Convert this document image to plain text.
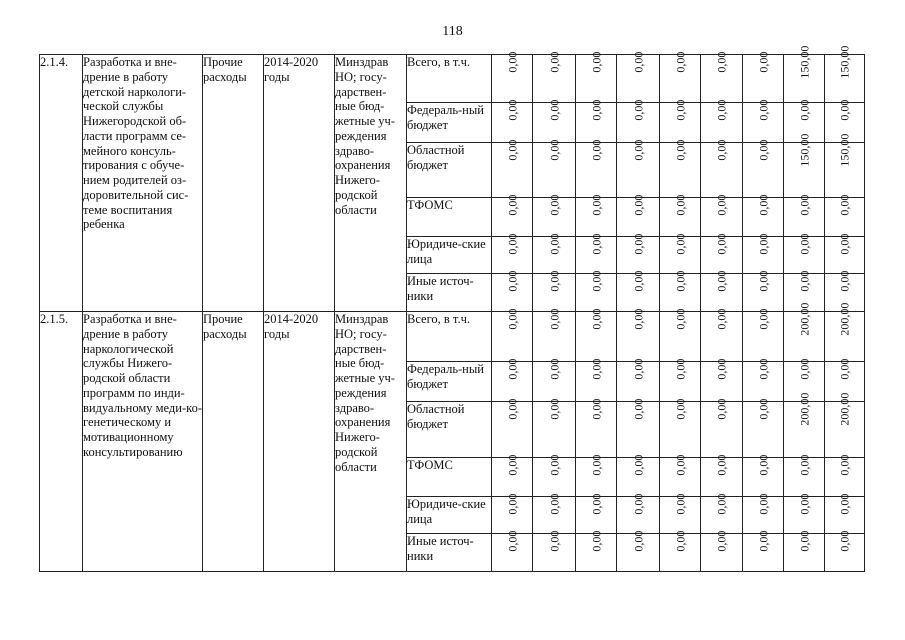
118
2.1.4.	Разработка и вне-дрение в работу детской наркологи-ческой службы Нижегородской об-ласти программ се-мейного консуль-тирования с обуче-нием родителей оз-доровительной сис-теме воспитания ребенка	Прочие расходы	2014-2020 годы	Минздрав НО; госу-дарствен-ные бюд-жетные уч-реждения здраво-охранения Нижего-родской области	Всего, в т.ч.	0,00	0,00	0,00	0,00	0,00	0,00	0,00	150,00	150,00
					Федераль-ный бюджет	0,00	0,00	0,00	0,00	0,00	0,00	0,00	0,00	0,00
					Областной бюджет	0,00	0,00	0,00	0,00	0,00	0,00	0,00	150,00	150,00
					ТФОМС	0,00	0,00	0,00	0,00	0,00	0,00	0,00	0,00	0,00
					Юридиче-ские лица	0,00	0,00	0,00	0,00	0,00	0,00	0,00	0,00	0,00
					Иные источ-ники	0,00	0,00	0,00	0,00	0,00	0,00	0,00	0,00	0,00
2.1.5.	Разработка и вне-дрение в работу наркологической службы Нижего-родской области программ по инди-видуальному меди-ко-генетическому и мотивационному консультированию	Прочие расходы	2014-2020 годы	Минздрав НО; госу-дарствен-ные бюд-жетные уч-реждения здраво-охранения Нижего-родской области	Всего, в т.ч.	0,00	0,00	0,00	0,00	0,00	0,00	0,00	200,00	200,00
					Федераль-ный бюджет	0,00	0,00	0,00	0,00	0,00	0,00	0,00	0,00	0,00
					Областной бюджет	0,00	0,00	0,00	0,00	0,00	0,00	0,00	200,00	200,00
					ТФОМС	0,00	0,00	0,00	0,00	0,00	0,00	0,00	0,00	0,00
					Юридиче-ские лица	0,00	0,00	0,00	0,00	0,00	0,00	0,00	0,00	0,00
					Иные источ-ники	0,00	0,00	0,00	0,00	0,00	0,00	0,00	0,00	0,00
